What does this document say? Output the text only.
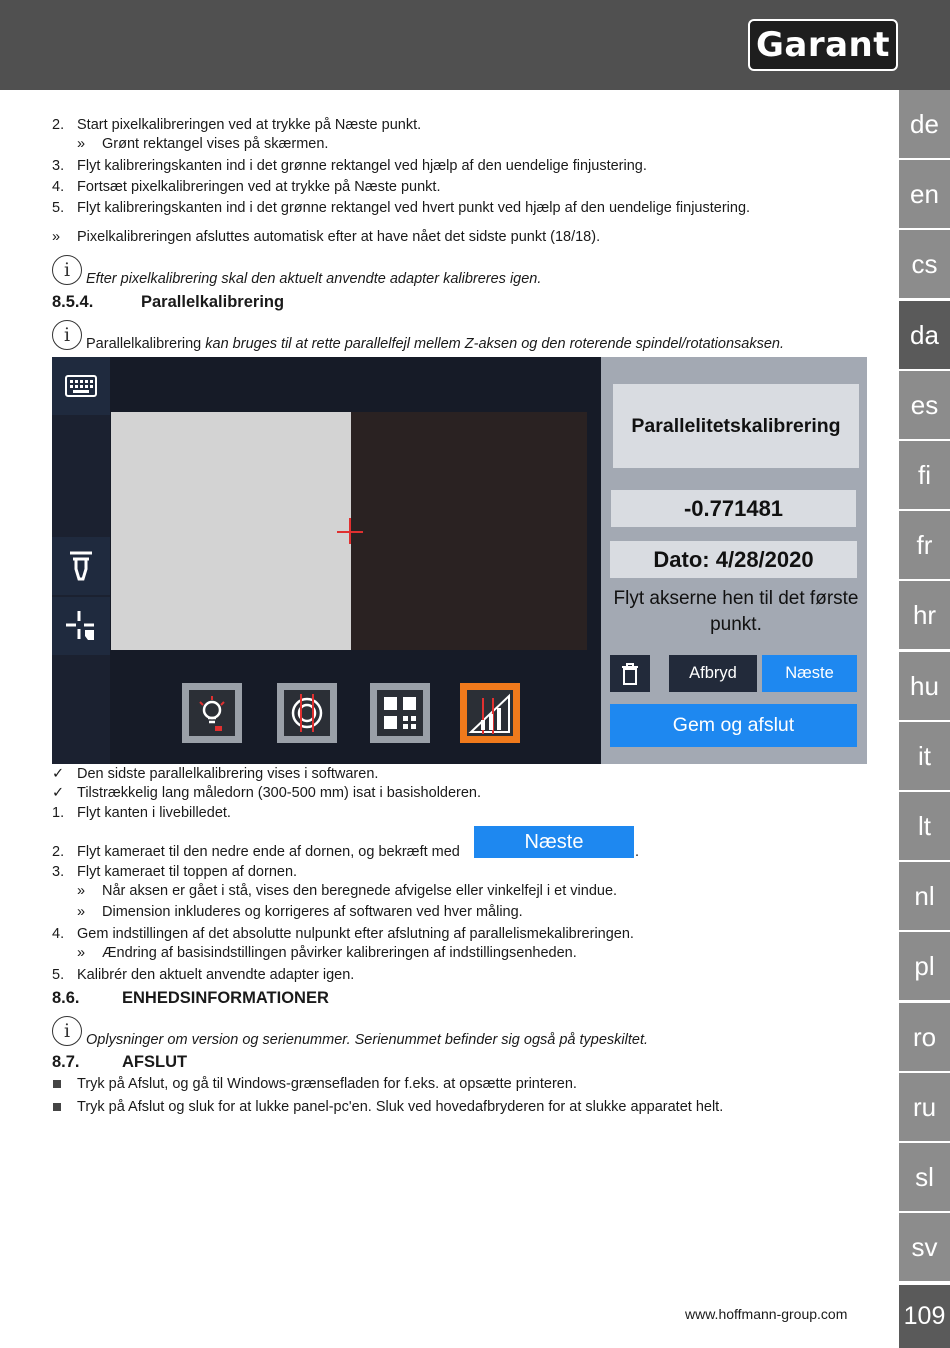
Garant
de
en
cs
da
es
fi
fr
hr
hu
it
lt
nl
pl
ro
ru
sl
sv
109
www.hoffmann-group.com
2. Start pixelkalibreringen ved at trykke på Næste punkt.
» Grønt rektangel vises på skærmen.
3. Flyt kalibreringskanten ind i det grønne rektangel ved hjælp af den uendelige finjustering.
4. Fortsæt pixelkalibreringen ved at trykke på Næste punkt.
5. Flyt kalibreringskanten ind i det grønne rektangel ved hvert punkt ved hjælp af den uendelige finjustering.
» Pixelkalibreringen afsluttes automatisk efter at have nået det sidste punkt (18/18).
i	Efter pixelkalibrering skal den aktuelt anvendte adapter kalibreres igen.
8.5.4.	Parallelkalibrering
i	Parallelkalibrering kan bruges til at rette parallelfejl mellem Z-aksen og den roterende spindel/rotationsaksen.
Parallelitetskalibrering
-0.771481
Dato: 4/28/2020
Flyt akserne hen til det første punkt.
Afbryd	Næste
Gem og afslut
✓ Den sidste parallelkalibrering vises i softwaren.
✓ Tilstrækkelig lang måledorn (300-500 mm) isat i basisholderen.
1. Flyt kanten i livebilledet.
2. Flyt kameraet til den nedre ende af dornen, og bekræft med	Næste	.
3. Flyt kameraet til toppen af dornen.
» Når aksen er gået i stå, vises den beregnede afvigelse eller vinkelfejl i et vindue.
» Dimension inkluderes og korrigeres af softwaren ved hver måling.
4. Gem indstillingen af det absolutte nulpunkt efter afslutning af parallelismekalibreringen.
» Ændring af basisindstillingen påvirker kalibreringen af indstillingsenheden.
5. Kalibrér den aktuelt anvendte adapter igen.
8.6.	ENHEDSINFORMATIONER
i	Oplysninger om version og serienummer. Serienummet befinder sig også på typeskiltet.
8.7.	AFSLUT
Tryk på Afslut, og gå til Windows-grænsefladen for f.eks. at opsætte printeren.
Tryk på Afslut og sluk for at lukke panel-pc'en. Sluk ved hovedafbryderen for at slukke apparatet helt.
